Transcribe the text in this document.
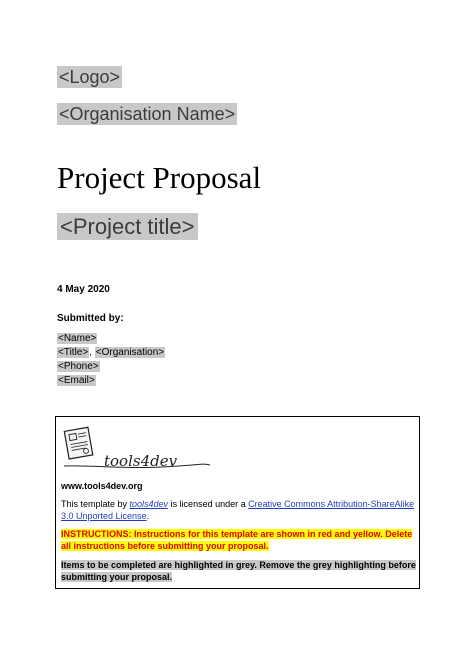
<Logo>
<Organisation Name>
Project Proposal
<Project title>
4 May 2020
Submitted by:
<Name>
<Title>, <Organisation>
<Phone>
<Email>
tools4dev
www.tools4dev.org
This template by tools4dev is licensed under a Creative Commons Attribution-ShareAlike 3.0 Unported License.
INSTRUCTIONS: Instructions for this template are shown in red and yellow. Delete all instructions before submitting your proposal.
Items to be completed are highlighted in grey. Remove the grey highlighting before submitting your proposal.
